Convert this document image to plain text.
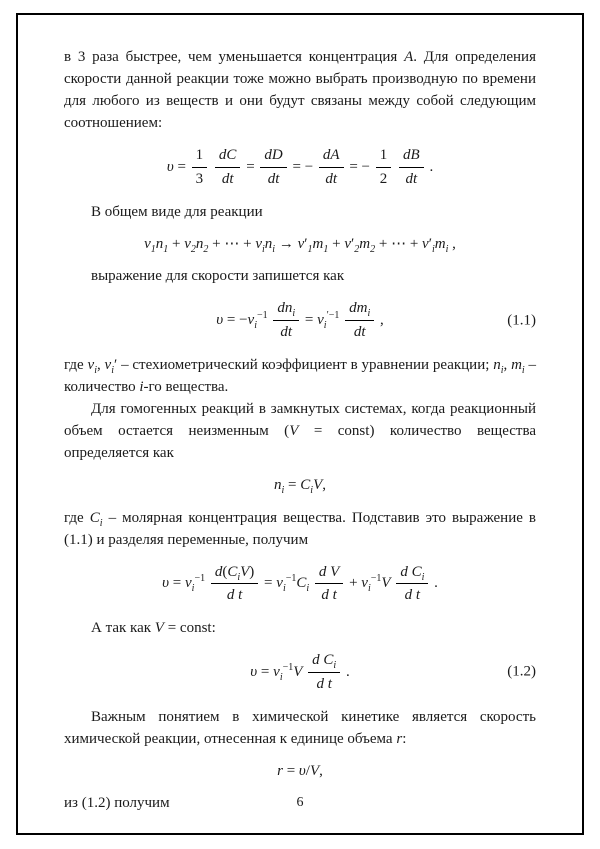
в 3 раза быстрее, чем уменьшается концентрация A. Для определения скорости данной реакции тоже можно выбрать производную по времени для любого из веществ и они будут связаны между собой следующим соотношением:

$\upsilon = \frac{1}{3}$
$\frac{dC}{dt} = \frac{dD}{dt}$ = − $\frac{dA}{dt}$ = − $\frac{1}{2}$
$\frac{dB}{dt}$ .

В общем виде для реакции

$\nu_1n_1 + \nu_2n_2$ + ⋯ + $\nu_in_i \to \nu'_1m_1 + \nu'_2m_2$ + ⋯ + $\nu'_im_i$ ,

выражение для скорости запишется как

$\upsilon = -\nu_i^{-1} \frac{dn_i}{dt} = \nu_i^{'-1} \frac{dm_i}{dt}$ ,	(1.1)

где $\nu_i$, $\nu_i'$ – стехиометрический коэффициент в уравнении реакции; $n_i$, $m_i$ – количество i-го вещества.

Для гомогенных реакций в замкнутых системах, когда реакционный объем остается неизменным (V = const) количество вещества определяется как

$n_i = C_iV$,

где $C_i$ – молярная концентрация вещества. Подставив это выражение в (1.1) и разделяя переменные, получим

$\upsilon = \nu_i^{-1} \frac{d(C_iV)}{\text{d t}} = \nu_i^{-1}C_i \frac{\text{d V}}{\text{d t}} + \nu_i^{-1}V \frac{d C_i}{\text{d t}}$ .

А так как V = const:

$\upsilon = \nu_i^{-1}V \frac{d C_i}{\text{d t}}$ .	(1.2)

Важным понятием в химической кинетике является скорость химической реакции, отнесенная к единице объема r:

r = υ/V,

из (1.2) получим	6
